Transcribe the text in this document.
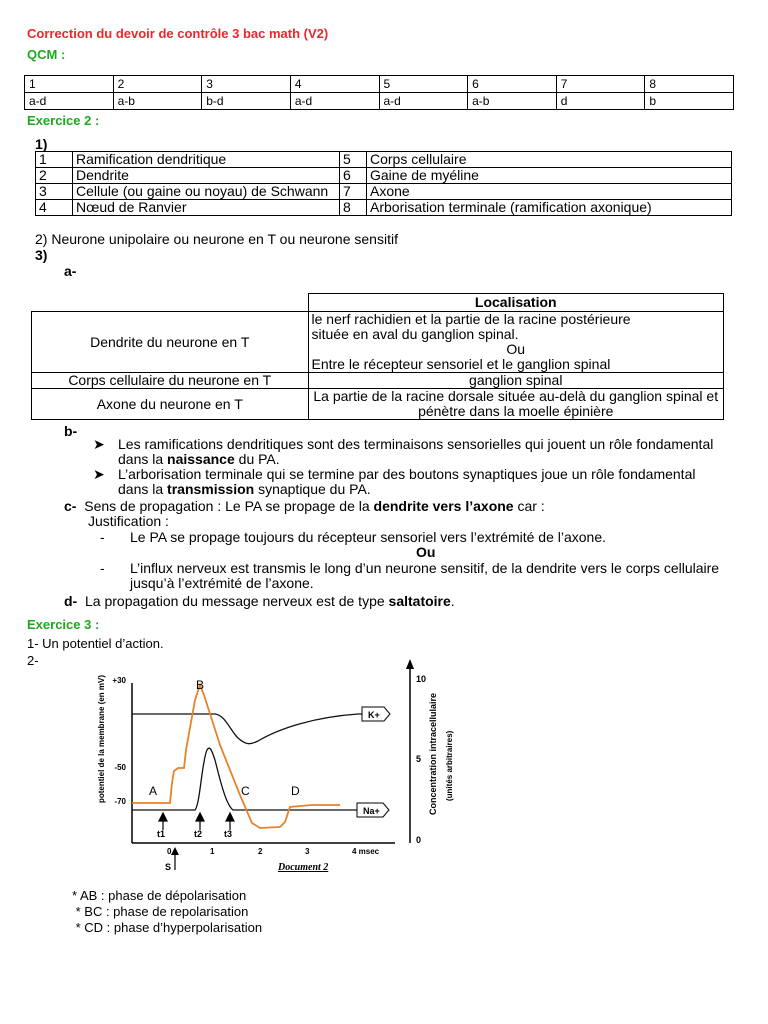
Correction du devoir de contrôle 3 bac math (V2)
QCM :
1	2	3	4	5	6	7	8
a-d	a-b	b-d	a-d	a-d	a-b	d	b
Exercice 2 :
1)
1	Ramification dendritique	5	Corps cellulaire
2	Dendrite	6	Gaine de myéline
3	Cellule (ou gaine ou noyau) de Schwann	7	Axone
4	Nœud de Ranvier	8	Arborisation terminale (ramification axonique)
2) Neurone unipolaire ou neurone en T ou neurone sensitif
3)
a-
	Localisation
Dendrite du neurone en T	le nerf rachidien et la partie de la racine postérieure
située en aval du ganglion spinal.
Ou
Entre le récepteur sensoriel et le ganglion spinal

Corps cellulaire du neurone en T	ganglion spinal
Axone du neurone en T	La partie de la racine dorsale située au-delà du ganglion spinal et pénètre dans la moelle épinière
b-
➤ Les ramifications dendritiques sont des terminaisons sensorielles qui jouent un rôle fondamental dans la naissance du PA.
➤ L’arborisation terminale qui se termine par des boutons synaptiques joue un rôle fondamental dans la transmission synaptique du PA.
c- Sens de propagation : Le PA se propage de la dendrite vers l’axone car :
Justification :
- Le PA se propage toujours du récepteur sensoriel vers l’extrémité de l’axone.
Ou
- L’influx nerveux est transmis le long d’un neurone sensitif, de la dendrite vers le corps cellulaire jusqu’à l’extrémité de l’axone.
d- La propagation du message nerveux est de type saltatoire.
Exercice 3 :
1- Un potentiel d’action.
2-
+30
-50
-70
10
5
0
0	1	2	3	4 msec
potentiel de la membrane (en mV)	Concentration intracellulaire (unités arbitraires)
K+
Na+
A
B
C	D
t1	t2 t3
S	Document 2
* AB : phase de dépolarisation
* BC : phase de repolarisation
* CD : phase d’hyperpolarisation
